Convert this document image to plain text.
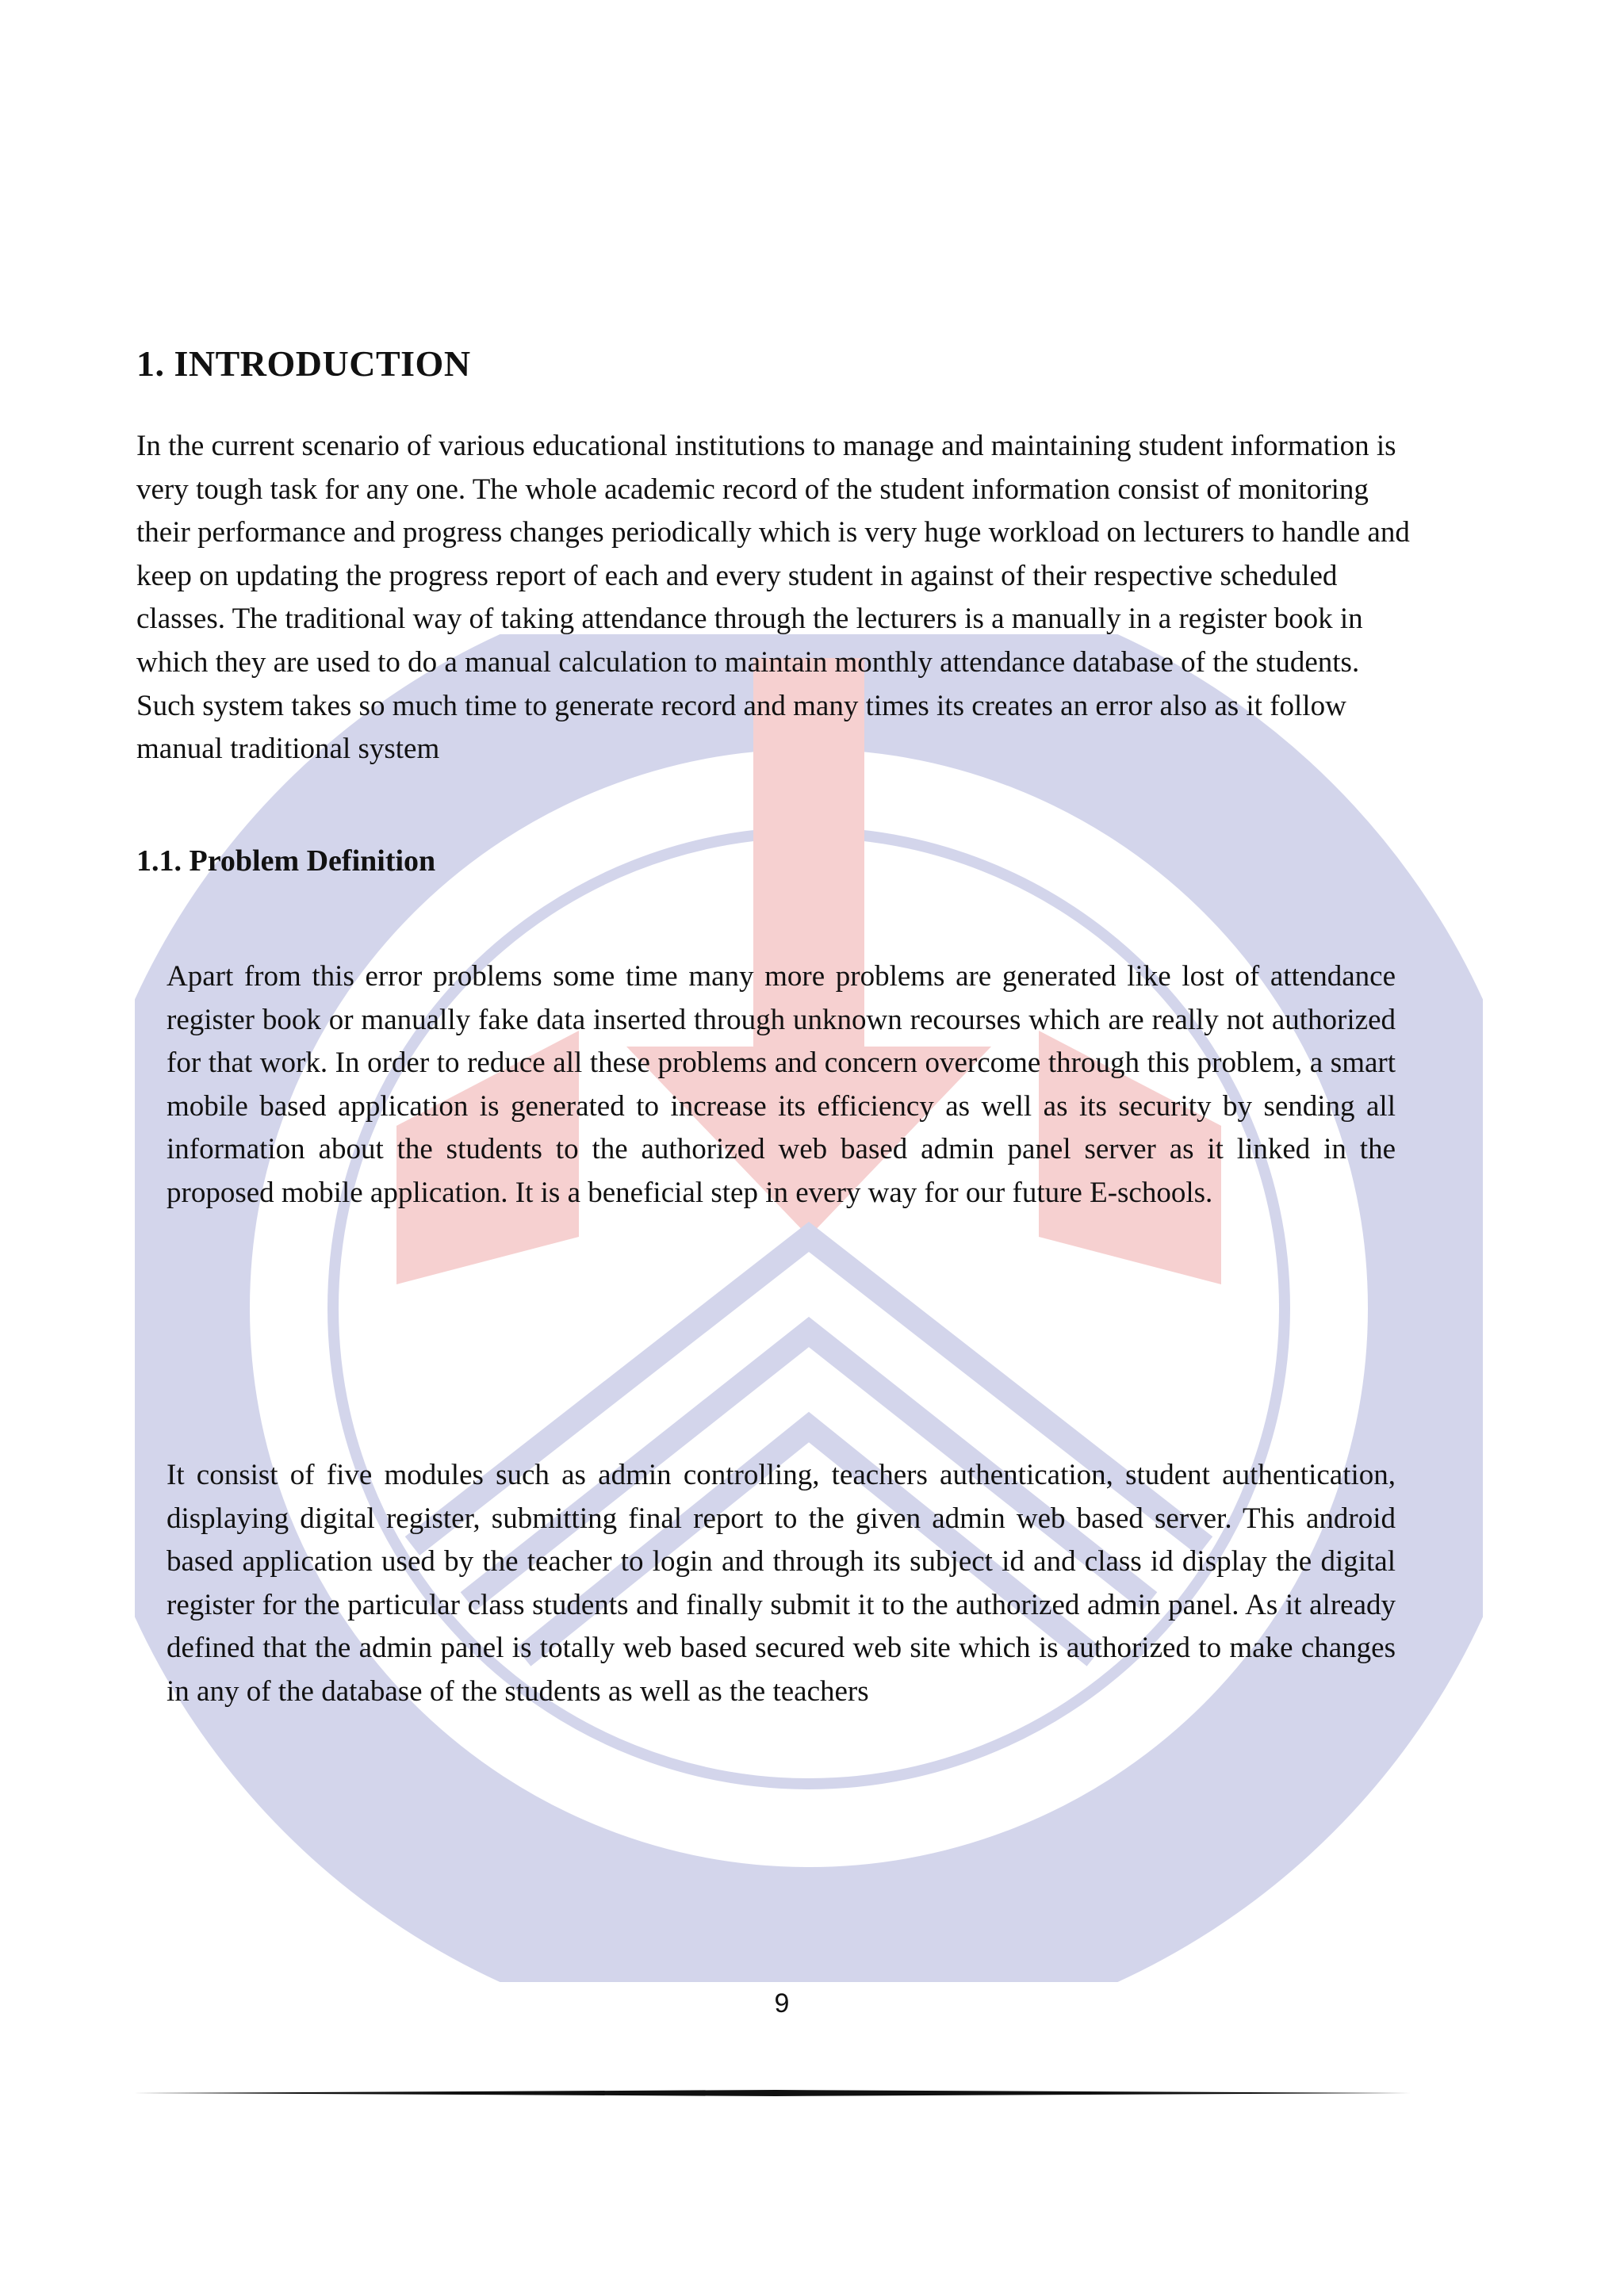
1. INTRODUCTION

In the current scenario of various educational institutions to manage and maintaining student information is very tough task for any one. The whole academic record of the student information consist of monitoring their performance and progress changes periodically which is very huge workload on lecturers to handle and keep on updating the progress report of each and every student in against of their respective scheduled classes. The traditional way of taking attendance through the lecturers is a manually in a register book in which they are used to do a manual calculation to maintain monthly attendance database of the students. Such system takes so much time to generate record and many times its creates an error also as it follow manual traditional system

1.1. Problem Definition

Apart from this error problems some time many more problems are generated like lost of attendance register book or manually fake data inserted through unknown recourses which are really not authorized for that work. In order to reduce all these problems and concern overcome through this problem, a smart mobile based application is generated to increase its efficiency as well as its security by sending all information about the students to the authorized web based admin panel server as it linked in the proposed mobile application. It is a beneficial step in every way for our future E-schools.

It consist of five modules such as admin controlling, teachers authentication, student authentication, displaying digital register, submitting final report to the given admin web based server. This android based application used by the teacher to login and through its subject id and class id display the digital register for the particular class students and finally submit it to the authorized admin panel. As it already defined that the admin panel is totally web based secured web site which is authorized to make changes in any of the database of the students as well as the teachers

9
